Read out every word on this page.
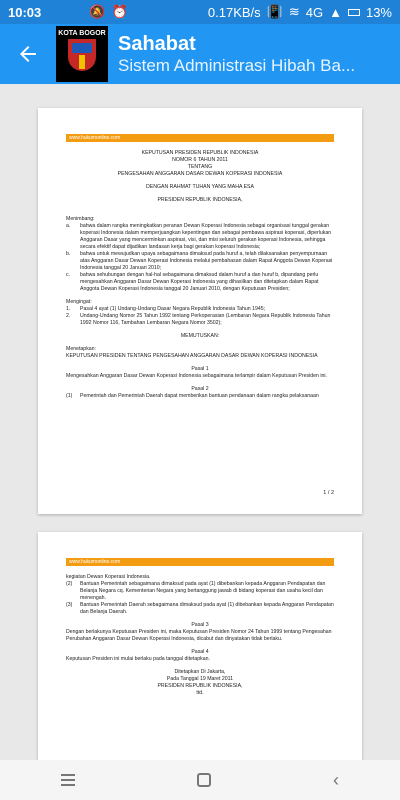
10:03	🔕 ⏰	0.17KB/s 📳 ≋ 4G ▲ 13%
KOTA BOGOR Sahabat
Sistem Administrasi Hibah Ba...
www.hukumonline.com
KEPUTUSAN PRESIDEN REPUBLIK INDONESIA
NOMOR 6 TAHUN 2011
TENTANG
PENGESAHAN ANGGARAN DASAR DEWAN KOPERASI INDONESIA
DENGAN RAHMAT TUHAN YANG MAHA ESA
PRESIDEN REPUBLIK INDONESIA,
Menimbang:
a.	bahwa dalam rangka meningkatkan peranan Dewan Koperasi Indonesia sebagai organisasi tunggal gerakan koperasi Indonesia dalam memperjuangkan kepentingan dan sebagai pembawa aspirasi koperasi, diperlukan Anggaran Dasar yang mencerminkan aspirasi, visi, dan misi seluruh gerakan koperasi Indonesia, sehingga secara efektif dapat dijadikan landasan kerja bagi gerakan koperasi Indonesia;
b.	bahwa untuk mewujudkan upaya sebagaimana dimaksud pada huruf a, telah dilaksanakan penyempurnaan atas Anggaran Dasar Dewan Koperasi Indonesia melalui pembahasan dalam Rapat Anggota Dewan Koperasi Indonesia tanggal 20 Januari 2010;
c.	bahwa sehubungan dengan hal-hal sebagaimana dimaksud dalam huruf a dan huruf b, dipandang perlu mengesahkan Anggaran Dasar Dewan Koperasi Indonesia yang dihasilkan dan ditetapkan dalam Rapat Anggota Dewan Koperasi Indonesia tanggal 20 Januari 2010, dengan Keputusan Presiden;
Mengingat:
1.	Pasal 4 ayat (1) Undang-Undang Dasar Negara Republik Indonesia Tahun 1945;
2.	Undang-Undang Nomor 25 Tahun 1992 tentang Perkoperasian (Lembaran Negara Republik Indonesia Tahun 1992 Nomor 116, Tambahan Lembaran Negara Nomor 3502);
MEMUTUSKAN:
Menetapkan:
KEPUTUSAN PRESIDEN TENTANG PENGESAHAN ANGGARAN DASAR DEWAN KOPERASI INDONESIA
Pasal 1
Mengesahkan Anggaran Dasar Dewan Koperasi Indonesia sebagaimana terlampir dalam Keputusan Presiden ini.
Pasal 2
(1)	Pemerintah dan Pemerintah Daerah dapat memberikan bantuan pendanaan dalam rangka pelaksanaan
1 / 2
www.hukumonline.com
kegiatan Dewan Koperasi Indonesia.
(2)	Bantuan Pemerintah sebagaimana dimaksud pada ayat (1) dibebankan kepada Anggaran Pendapatan dan Belanja Negara cq. Kementerian Negara yang bertanggung jawab di bidang koperasi dan usaha kecil dan menengah.
(3)	Bantuan Pemerintah Daerah sebagaimana dimaksud pada ayat (1) dibebankan kepada Anggaran Pendapatan dan Belanja Daerah.
Pasal 3
Dengan berlakunya Keputusan Presiden ini, maka Keputusan Presiden Nomor 24 Tahun 1999 tentang Pengesahan Perubahan Anggaran Dasar Dewan Koperasi Indonesia, dicabut dan dinyatakan tidak berlaku.
Pasal 4
Keputusan Presiden ini mulai berlaku pada tanggal ditetapkan.
Ditetapkan Di Jakarta,
Pada Tanggal 19 Maret 2011
PRESIDEN REPUBLIK INDONESIA,
ttd.
‹
